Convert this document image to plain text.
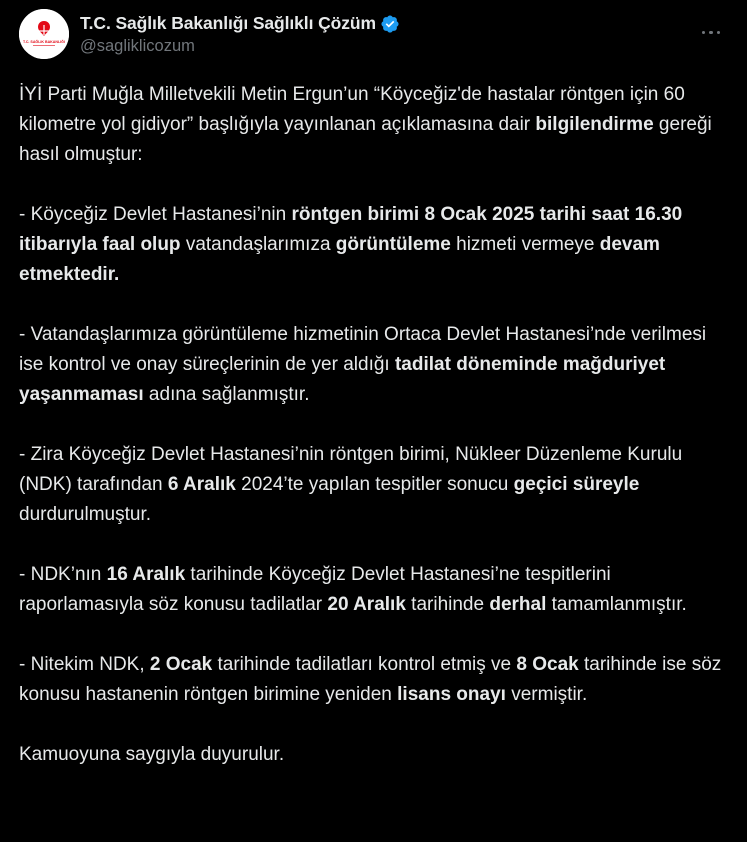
T.C. SAĞLIK BAKANLIĞI
T.C. Sağlık Bakanlığı Sağlıklı Çözüm
@sagliklicozum

İYİ Parti Muğla Milletvekili Metin Ergun’un “Köyceğiz'de hastalar röntgen için 60 kilometre yol gidiyor” başlığıyla yayınlanan açıklamasına dair bilgilendirme gereği hasıl olmuştur:

- Köyceğiz Devlet Hastanesi’nin röntgen birimi 8 Ocak 2025 tarihi saat 16.30 itibarıyla faal olup vatandaşlarımıza görüntüleme hizmeti vermeye devam etmektedir.

- Vatandaşlarımıza görüntüleme hizmetinin Ortaca Devlet Hastanesi’nde verilmesi ise kontrol ve onay süreçlerinin de yer aldığı tadilat döneminde mağduriyet yaşanmaması adına sağlanmıştır.

- Zira Köyceğiz Devlet Hastanesi’nin röntgen birimi, Nükleer Düzenleme Kurulu (NDK) tarafından 6 Aralık 2024’te yapılan tespitler sonucu geçici süreyle durdurulmuştur.

- NDK’nın 16 Aralık tarihinde Köyceğiz Devlet Hastanesi’ne tespitlerini raporlamasıyla söz konusu tadilatlar 20 Aralık tarihinde derhal tamamlanmıştır.

- Nitekim NDK, 2 Ocak tarihinde tadilatları kontrol etmiş ve 8 Ocak tarihinde ise söz konusu hastanenin röntgen birimine yeniden lisans onayı vermiştir.

Kamuoyuna saygıyla duyurulur.
